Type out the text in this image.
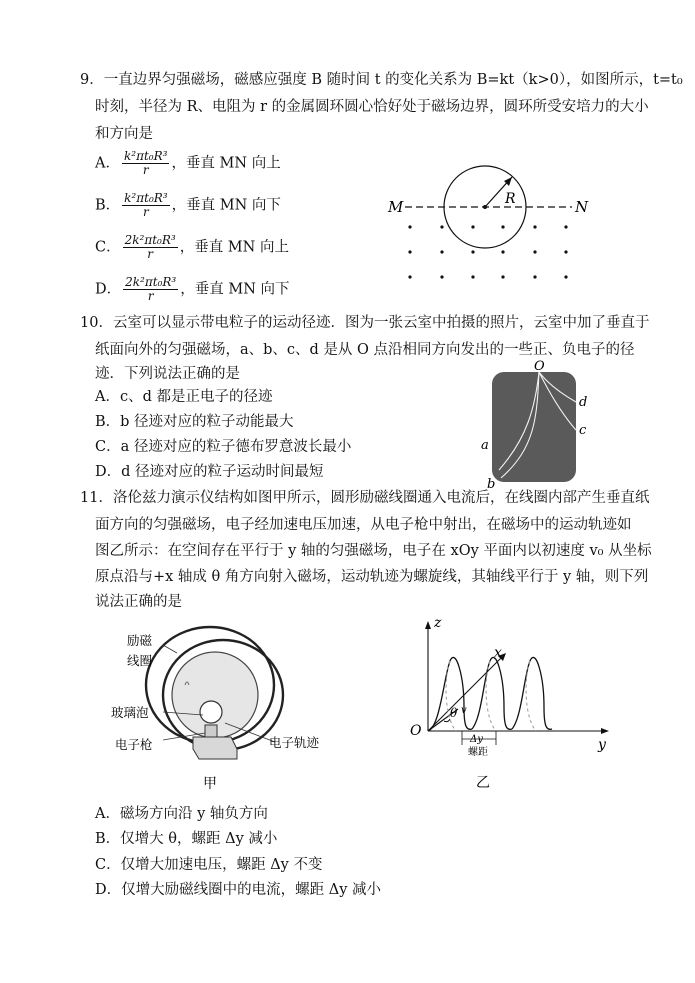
9．一直边界匀强磁场，磁感应强度 B 随时间 t 的变化关系为 B=kt（k>0），如图所示，t=t₀
时刻，半径为 R、电阻为 r 的金属圆环圆心恰好处于磁场边界，圆环所受安培力的大小
和方向是
A． $\frac{\text{k²πt₀R³}}{r}$ ，垂直 MN 向上
B． $\frac{\text{k²πt₀R³}}{r}$ ，垂直 MN 向下
C． $\frac{\text{2k²πt₀R³}}{r}$ ，垂直 MN 向上
D． $\frac{\text{2k²πt₀R³}}{r}$ ，垂直 MN 向下
M	N
R
10．云室可以显示带电粒子的运动径迹．图为一张云室中拍摄的照片，云室中加了垂直于
纸面向外的匀强磁场，a、b、c、d 是从 O 点沿相同方向发出的一些正、负电子的径
迹．下列说法正确的是
A．c、d 都是正电子的径迹
B．b 径迹对应的粒子动能最大
C．a 径迹对应的粒子德布罗意波长最小
D．d 径迹对应的粒子运动时间最短
O
a
b
c
d
11．洛伦兹力演示仪结构如图甲所示，圆形励磁线圈通入电流后，在线圈内部产生垂直纸
面方向的匀强磁场，电子经加速电压加速，从电子枪中射出，在磁场中的运动轨迹如
图乙所示：在空间存在平行于 y 轴的匀强磁场，电子在 xOy 平面内以初速度 v₀ 从坐标
原点沿与+x 轴成 θ 角方向射入磁场，运动轨迹为螺旋线，其轴线平行于 y 轴，则下列
说法正确的是
励磁
线圈
玻璃泡
电子枪	电子轨迹
甲
z
x
y
O
θ v
Δy
螺距
乙
A．磁场方向沿 y 轴负方向
B．仅增大 θ，螺距 Δy 减小
C．仅增大加速电压，螺距 Δy 不变
D．仅增大励磁线圈中的电流，螺距 Δy 减小
